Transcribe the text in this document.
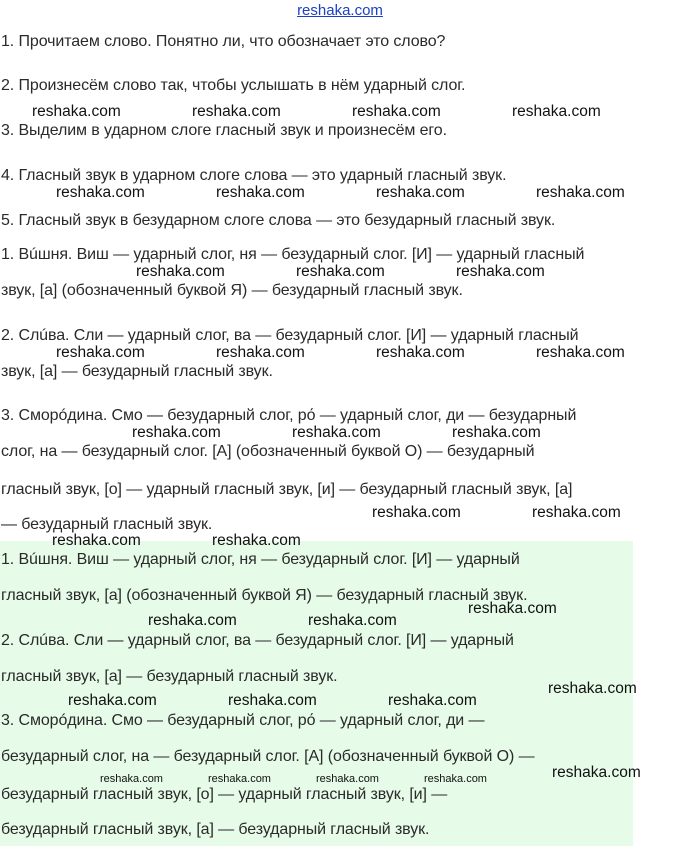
reshaka.com
1. Прочитаем слово. Понятно ли, что обозначает это слово?
2. Произнесём слово так, чтобы услышать в нём ударный слог.
3. Выделим в ударном слоге гласный звук и произнесём его.
4. Гласный звук в ударном слоге слова — это ударный гласный звук.
5. Гласный звук в безударном слоге слова — это безударный гласный звук.
1. Вúшня. Виш — ударный слог, ня — безударный слог. [И] — ударный гласный
звук, [а] (обозначенный буквой Я) — безударный гласный звук.
2. Слúва. Сли — ударный слог, ва — безударный слог. [И] — ударный гласный
звук, [а] — безударный гласный звук.
3. Сморóдина. Смо — безударный слог, ро́ — ударный слог, ди — безударный
слог, на — безударный слог. [А] (обозначенный буквой О) — безударный
гласный звук, [о] — ударный гласный звук, [и] — безударный гласный звук, [а]
— безударный гласный звук.
1. Вúшня. Виш — ударный слог, ня — безударный слог. [И] — ударный
гласный звук, [а] (обозначенный буквой Я) — безударный гласный звук.
2. Слúва. Сли — ударный слог, ва — безударный слог. [И] — ударный
гласный звук, [а] — безударный гласный звук.
3. Сморóдина. Смо — безударный слог, ро́ — ударный слог, ди —
безударный слог, на — безударный слог. [А] (обозначенный буквой О) —
безударный гласный звук, [о] — ударный гласный звук, [и] —
безударный гласный звук, [а] — безударный гласный звук.
reshaka.com	reshaka.com	reshaka.com	reshaka.com
reshaka.com	reshaka.com	reshaka.com	reshaka.com
reshaka.com	reshaka.com	reshaka.com
reshaka.com	reshaka.com	reshaka.com	reshaka.com
reshaka.com	reshaka.com	reshaka.com
reshaka.com	reshaka.com
reshaka.com	reshaka.com
reshaka.com
reshaka.com	reshaka.com
reshaka.com
reshaka.com	reshaka.com	reshaka.com
reshaka.com
reshaka.com	reshaka.com	reshaka.com	reshaka.com
